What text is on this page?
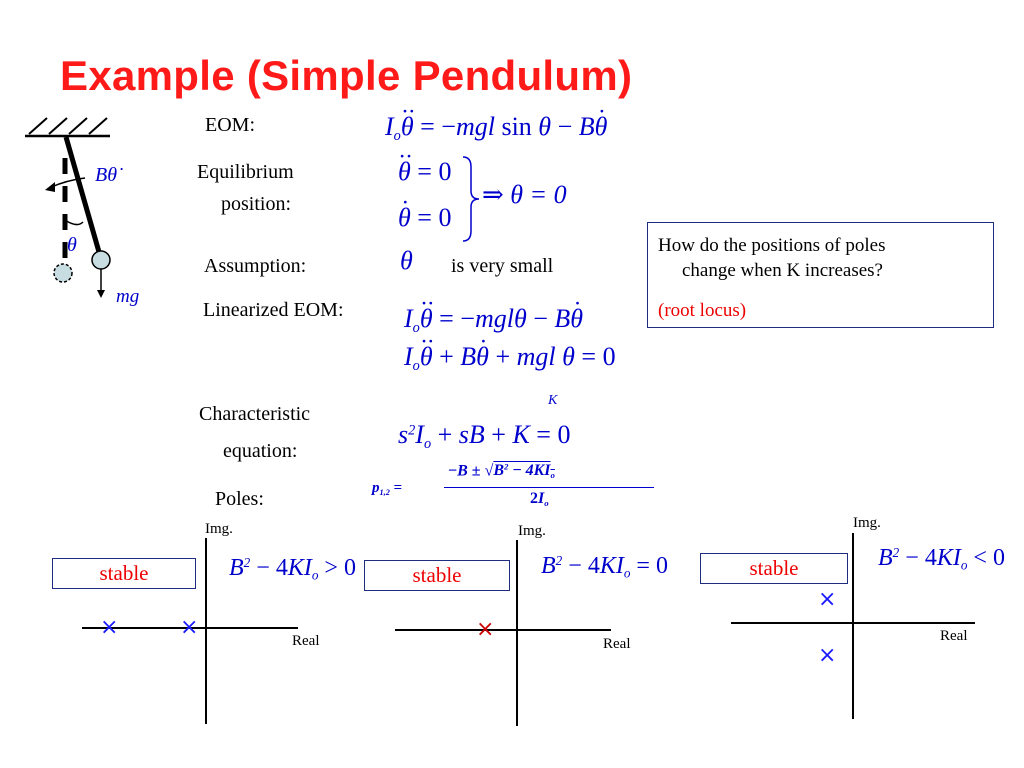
Example (Simple Pendulum)
Bθ̇
θ
mg
EOM:
Equilibrium
position:
Assumption:	is very small
Linearized EOM:
Characteristic
equation:
Poles:
$I_o\cdot\cdot \theta = -mgl$ sin θ − B· θ
·· θ = 0
· θ = 0
⇒ θ = 0
θ
$I_o\cdot\cdot \theta = -mgl\theta - B\cdot \theta$
$I_o\cdot\cdot \theta + B\cdot \theta$ + mgl θ = 0
K
$s^2I_o$ + sB + K = 0
$p_{1,2}$ =
$-B \pm √B^2 - 4KI_o$
$2I_o$
How do the positions of poles
change when K increases?
(root locus)
Img.
Real
stable	$B^2 - 4KI_o > 0$
×	×
Img.
Real
stable	$B^2 - 4KI_o = 0$
×
Img.
Real
stable	$B^2 - 4KI_o < 0$
×
×
